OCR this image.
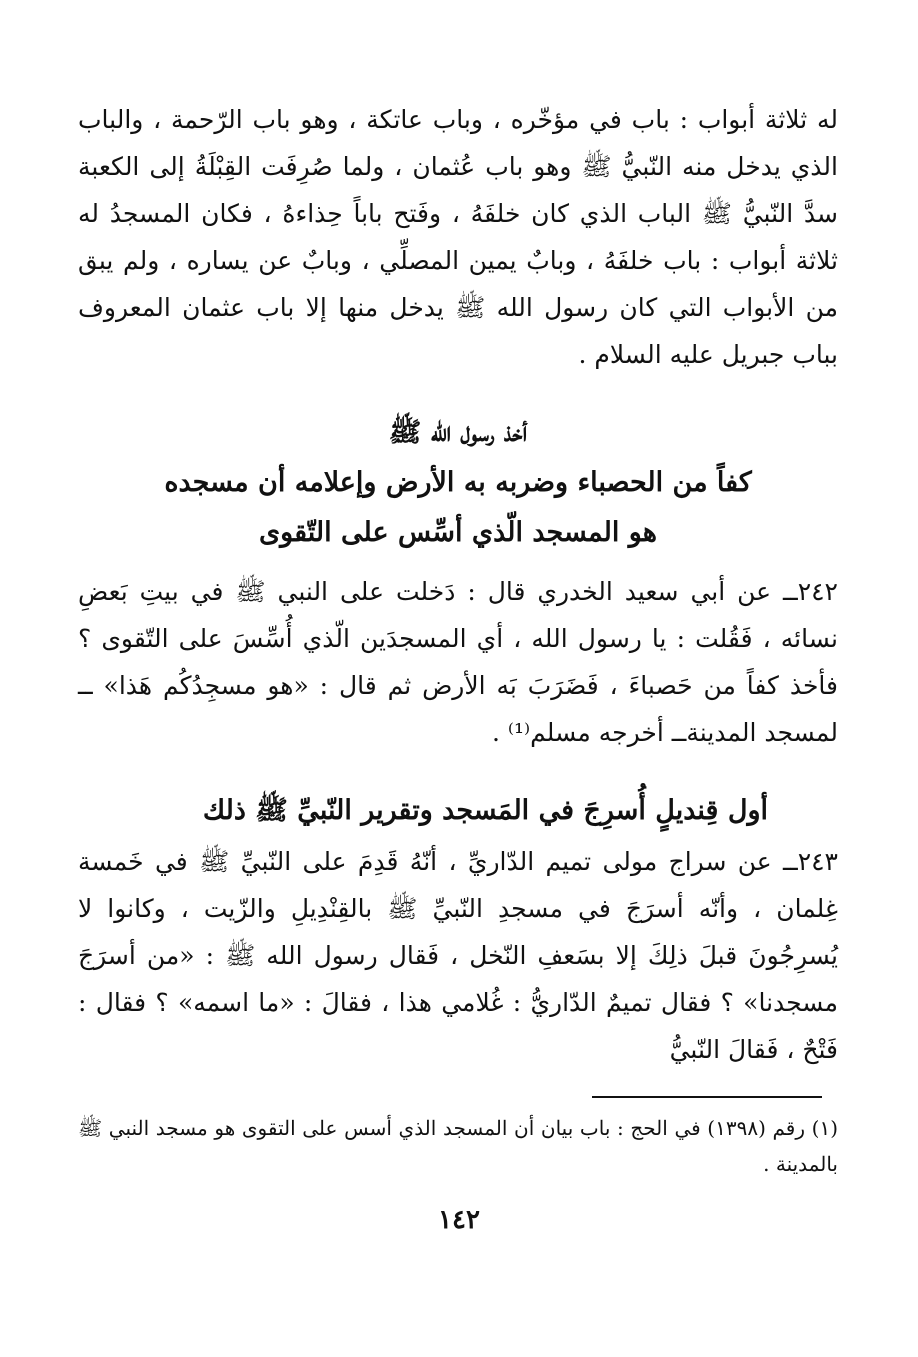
له ثلاثة أبواب : باب في مؤخّره ، وباب عاتكة ، وهو باب الرّحمة ، والباب الذي يدخل منه النّبيُّ ﷺ وهو باب عُثمان ، ولما صُرِفَت القِبْلَةُ إلى الكعبة سدَّ النّبيُّ ﷺ الباب الذي كان خلفَهُ ، وفَتح باباً حِذاءهُ ، فكان المسجدُ له ثلاثة أبواب : باب خلفَهُ ، وبابٌ يمين المصلِّي ، وبابٌ عن يساره ، ولم يبق من الأبواب التي كان رسول الله ﷺ يدخل منها إلا باب عثمان المعروف بباب جبريل عليه السلام .

أخذ رسول الله ﷺ
كفاً من الحصباء وضربه به الأرض وإعلامه أن مسجده
هو المسجد الّذي أسِّس على التّقوى

٢٤٢ــ عن أبي سعيد الخدري قال : دَخلت على النبي ﷺ في بيتِ بَعضِ نسائه ، فَقُلت : يا رسول الله ، أي المسجدَين الّذي أُسِّسَ على التّقوى ؟ فأخذ كفاً من حَصباءَ ، فَضَرَبَ بَه الأرض ثم قال : «هو مسجِدُكُم هَذا» ــ لمسجد المدينةــ أخرجه مسلم⁽¹⁾ .

أول قِنديلٍ أُسرِجَ في المَسجد وتقرير النّبيِّ ﷺ ذلك

٢٤٣ــ عن سراج مولى تميم الدّاريِّ ، أنّهُ قَدِمَ على النّبيِّ ﷺ في خَمسة غِلمان ، وأنّه أسرَجَ في مسجدِ النّبيِّ ﷺ بالقِنْدِيلِ والزّيت ، وكانوا لا يُسرِجُونَ قبلَ ذلِكَ إلا بسَعفِ النّخل ، فَقال رسول الله ﷺ : «من أسرَجَ مسجدنا» ؟ فقال تميمٌ الدّاريُّ : غُلامي هذا ، فقالَ : «ما اسمه» ؟ فقال : فَتْحٌ ، فَقالَ النّبيُّ

(١) رقم (١٣٩٨) في الحج : باب بيان أن المسجد الذي أسس على التقوى هو مسجد النبي ﷺ بالمدينة .
١٤٢
